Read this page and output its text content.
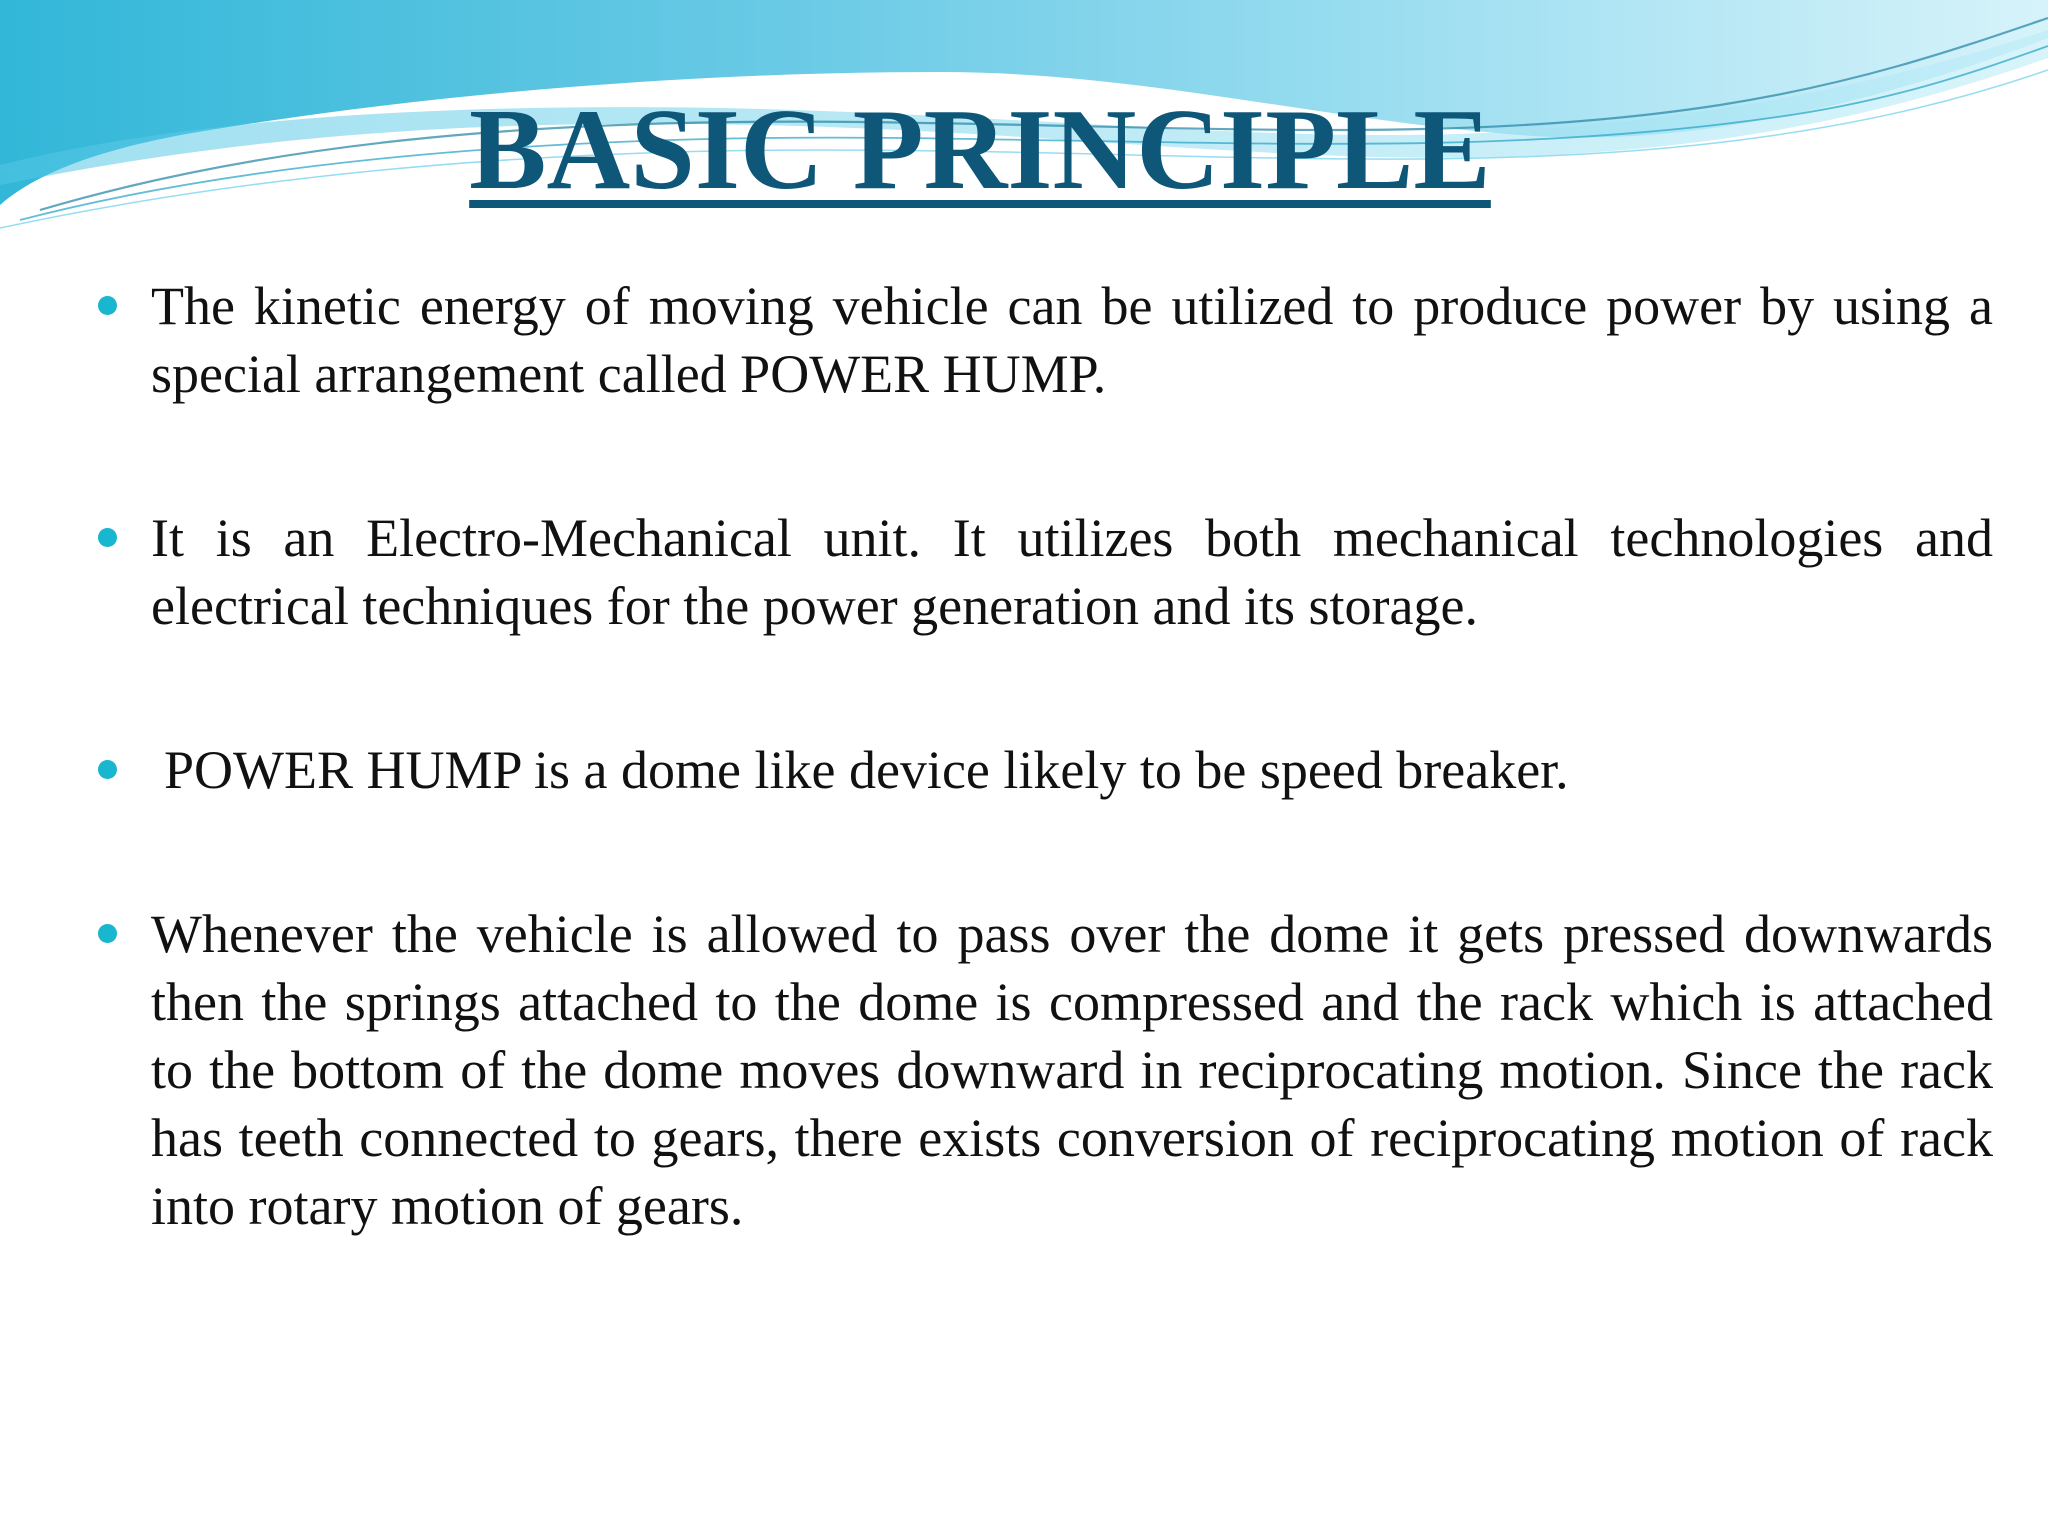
BASIC PRINCIPLE
The kinetic energy of moving vehicle can be utilized to produce power by using a special arrangement called POWER HUMP.
It is an Electro-Mechanical unit. It utilizes both mechanical technologies and electrical techniques for the power generation and its storage.
POWER HUMP is a dome like device likely to be speed breaker.
Whenever the vehicle is allowed to pass over the dome it gets pressed downwards then the springs attached to the dome is compressed and the rack which is attached to the bottom of the dome moves downward in reciprocating motion. Since the rack has teeth connected to gears, there exists conversion of reciprocating motion of rack into rotary motion of gears.
